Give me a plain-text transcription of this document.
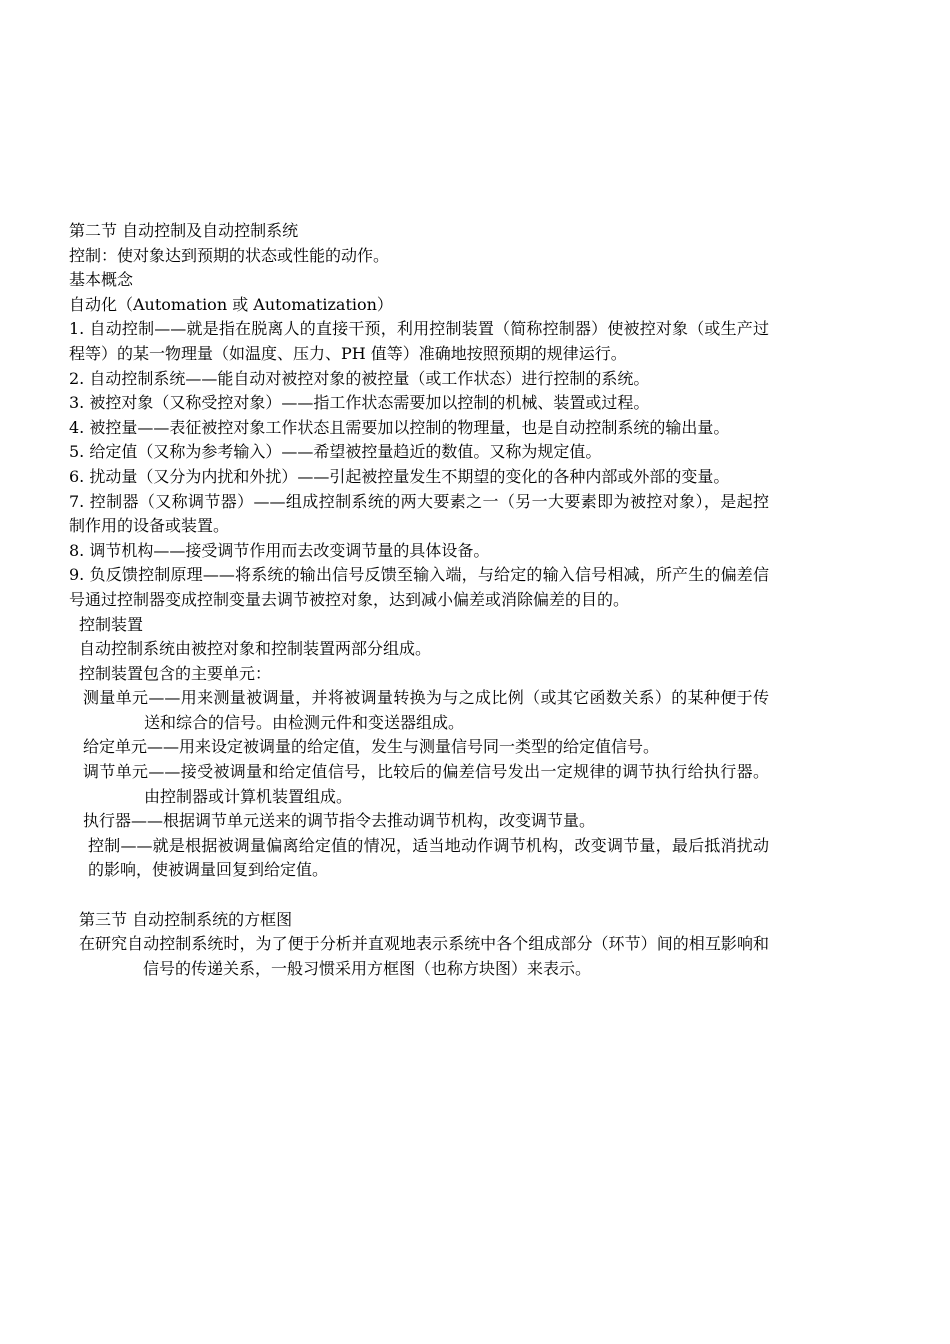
第二节 自动控制及自动控制系统

控制：使对象达到预期的状态或性能的动作。

基本概念

自动化（Automation 或 Automatization）

1. 自动控制——就是指在脱离人的直接干预，利用控制装置（简称控制器）使被控对象（或生产过程等）的某一物理量（如温度、压力、PH 值等）准确地按照预期的规律运行。

2. 自动控制系统——能自动对被控对象的被控量（或工作状态）进行控制的系统。

3. 被控对象（又称受控对象）——指工作状态需要加以控制的机械、装置或过程。

4. 被控量——表征被控对象工作状态且需要加以控制的物理量，也是自动控制系统的输出量。

5. 给定值（又称为参考输入）——希望被控量趋近的数值。又称为规定值。

6. 扰动量（又分为内扰和外扰）——引起被控量发生不期望的变化的各种内部或外部的变量。

7. 控制器（又称调节器）——组成控制系统的两大要素之一（另一大要素即为被控对象），是起控制作用的设备或装置。

8. 调节机构——接受调节作用而去改变调节量的具体设备。

9. 负反馈控制原理——将系统的输出信号反馈至输入端，与给定的输入信号相减，所产生的偏差信号通过控制器变成控制变量去调节被控对象，达到减小偏差或消除偏差的目的。

控制装置

自动控制系统由被控对象和控制装置两部分组成。

控制装置包含的主要单元：

测量单元——用来测量被调量，并将被调量转换为与之成比例（或其它函数关系）的某种便于传送和综合的信号。由检测元件和变送器组成。

给定单元——用来设定被调量的给定值，发生与测量信号同一类型的给定值信号。

调节单元——接受被调量和给定值信号，比较后的偏差信号发出一定规律的调节执行给执行器。由控制器或计算机装置组成。

执行器——根据调节单元送来的调节指令去推动调节机构，改变调节量。

控制——就是根据被调量偏离给定值的情况，适当地动作调节机构，改变调节量，最后抵消扰动的影响，使被调量回复到给定值。

第三节 自动控制系统的方框图

在研究自动控制系统时，为了便于分析并直观地表示系统中各个组成部分（环节）间的相互影响和信号的传递关系，一般习惯采用方框图（也称方块图）来表示。
